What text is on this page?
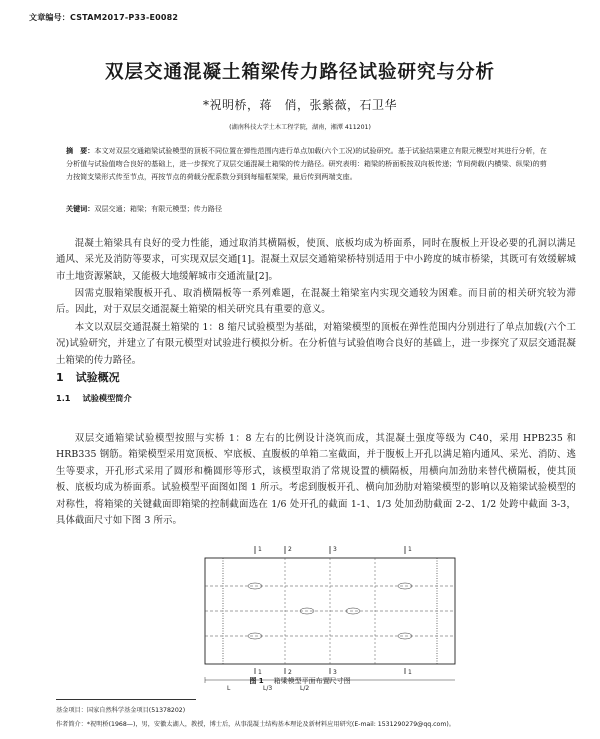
文章编号：CSTAM2017-P33-E0082
双层交通混凝土箱梁传力路径试验研究与分析
*祝明桥，蒋　俏，张紫薇，石卫华
(湖南科技大学土木工程学院，湖南，湘潭 411201)
摘　要：本文对双层交通箱梁试验模型的顶板不同位置在弹性范围内进行单点加载(六个工况)的试验研究。基于试验结果建立有限元模型对其进行分析，在分析值与试验值吻合良好的基础上，进一步探究了双层交通混凝土箱梁的传力路径。研究表明：箱梁的桥面板按双向板传递；节间荷载(内横梁、纵梁)的剪力按简支梁形式传至节点，再按节点的荷载分配系数分到到每榀框架梁，最后传到两端支座。
关键词：双层交通；箱梁；有限元模型；传力路径

混凝土箱梁具有良好的受力性能，通过取消其横隔板，使顶、底板均成为桥面系，同时在腹板上开设必要的孔洞以满足通风、采光及消防等要求，可实现双层交通[1]。混凝土双层交通箱梁桥特别适用于中小跨度的城市桥梁，其既可有效缓解城市土地资源紧缺，又能极大地缓解城市交通流量[2]。

因需克服箱梁腹板开孔、取消横隔板等一系列难题，在混凝土箱梁室内实现交通较为困难。而目前的相关研究较为滞后。因此，对于双层交通混凝土箱梁的相关研究具有重要的意义。

本文以双层交通混凝土箱梁的 1：8 缩尺试验模型为基础，对箱梁模型的顶板在弹性范围内分别进行了单点加载(六个工况)试验研究，并建立了有限元模型对试验进行模拟分析。在分析值与试验值吻合良好的基础上，进一步探究了双层交通混凝土箱梁的传力路径。

1 试验概况
1.1 试验模型简介

双层交通箱梁试验模型按照与实桥 1：8 左右的比例设计浇筑而成，其混凝土强度等级为 C40，采用 HPB235 和 HRB335 钢筋。箱梁模型采用宽顶板、窄底板、直腹板的单箱二室截面，并于腹板上开孔以满足箱内通风、采光、消防、逃生等要求，开孔形式采用了圆形和椭圆形等形式，该模型取消了常规设置的横隔板，用横向加劲肋来替代横隔板，使其顶板、底板均成为桥面系。试验模型平面图如图 1 所示。考虑到腹板开孔、横向加劲肋对箱梁模型的影响以及箱梁试验模型的对称性，将箱梁的关键截面即箱梁的控制截面选在 1/6 处开孔的截面 1-1、1/3 处加劲肋截面 2-2、1/2 处跨中截面 3-3，具体截面尺寸如下图 3 所示。

1	2	3	1
1	2	3	1
L	L/3	L/2
图 1 箱梁模型平面布置尺寸图
基金项目：国家自然科学基金项目(51378202)
作者简介：*祝明桥(1968—)，男，安徽太湖人，教授，博士后，从事混凝土结构基本理论及新材料应用研究(E-mail: 1531290279@qq.com)。
